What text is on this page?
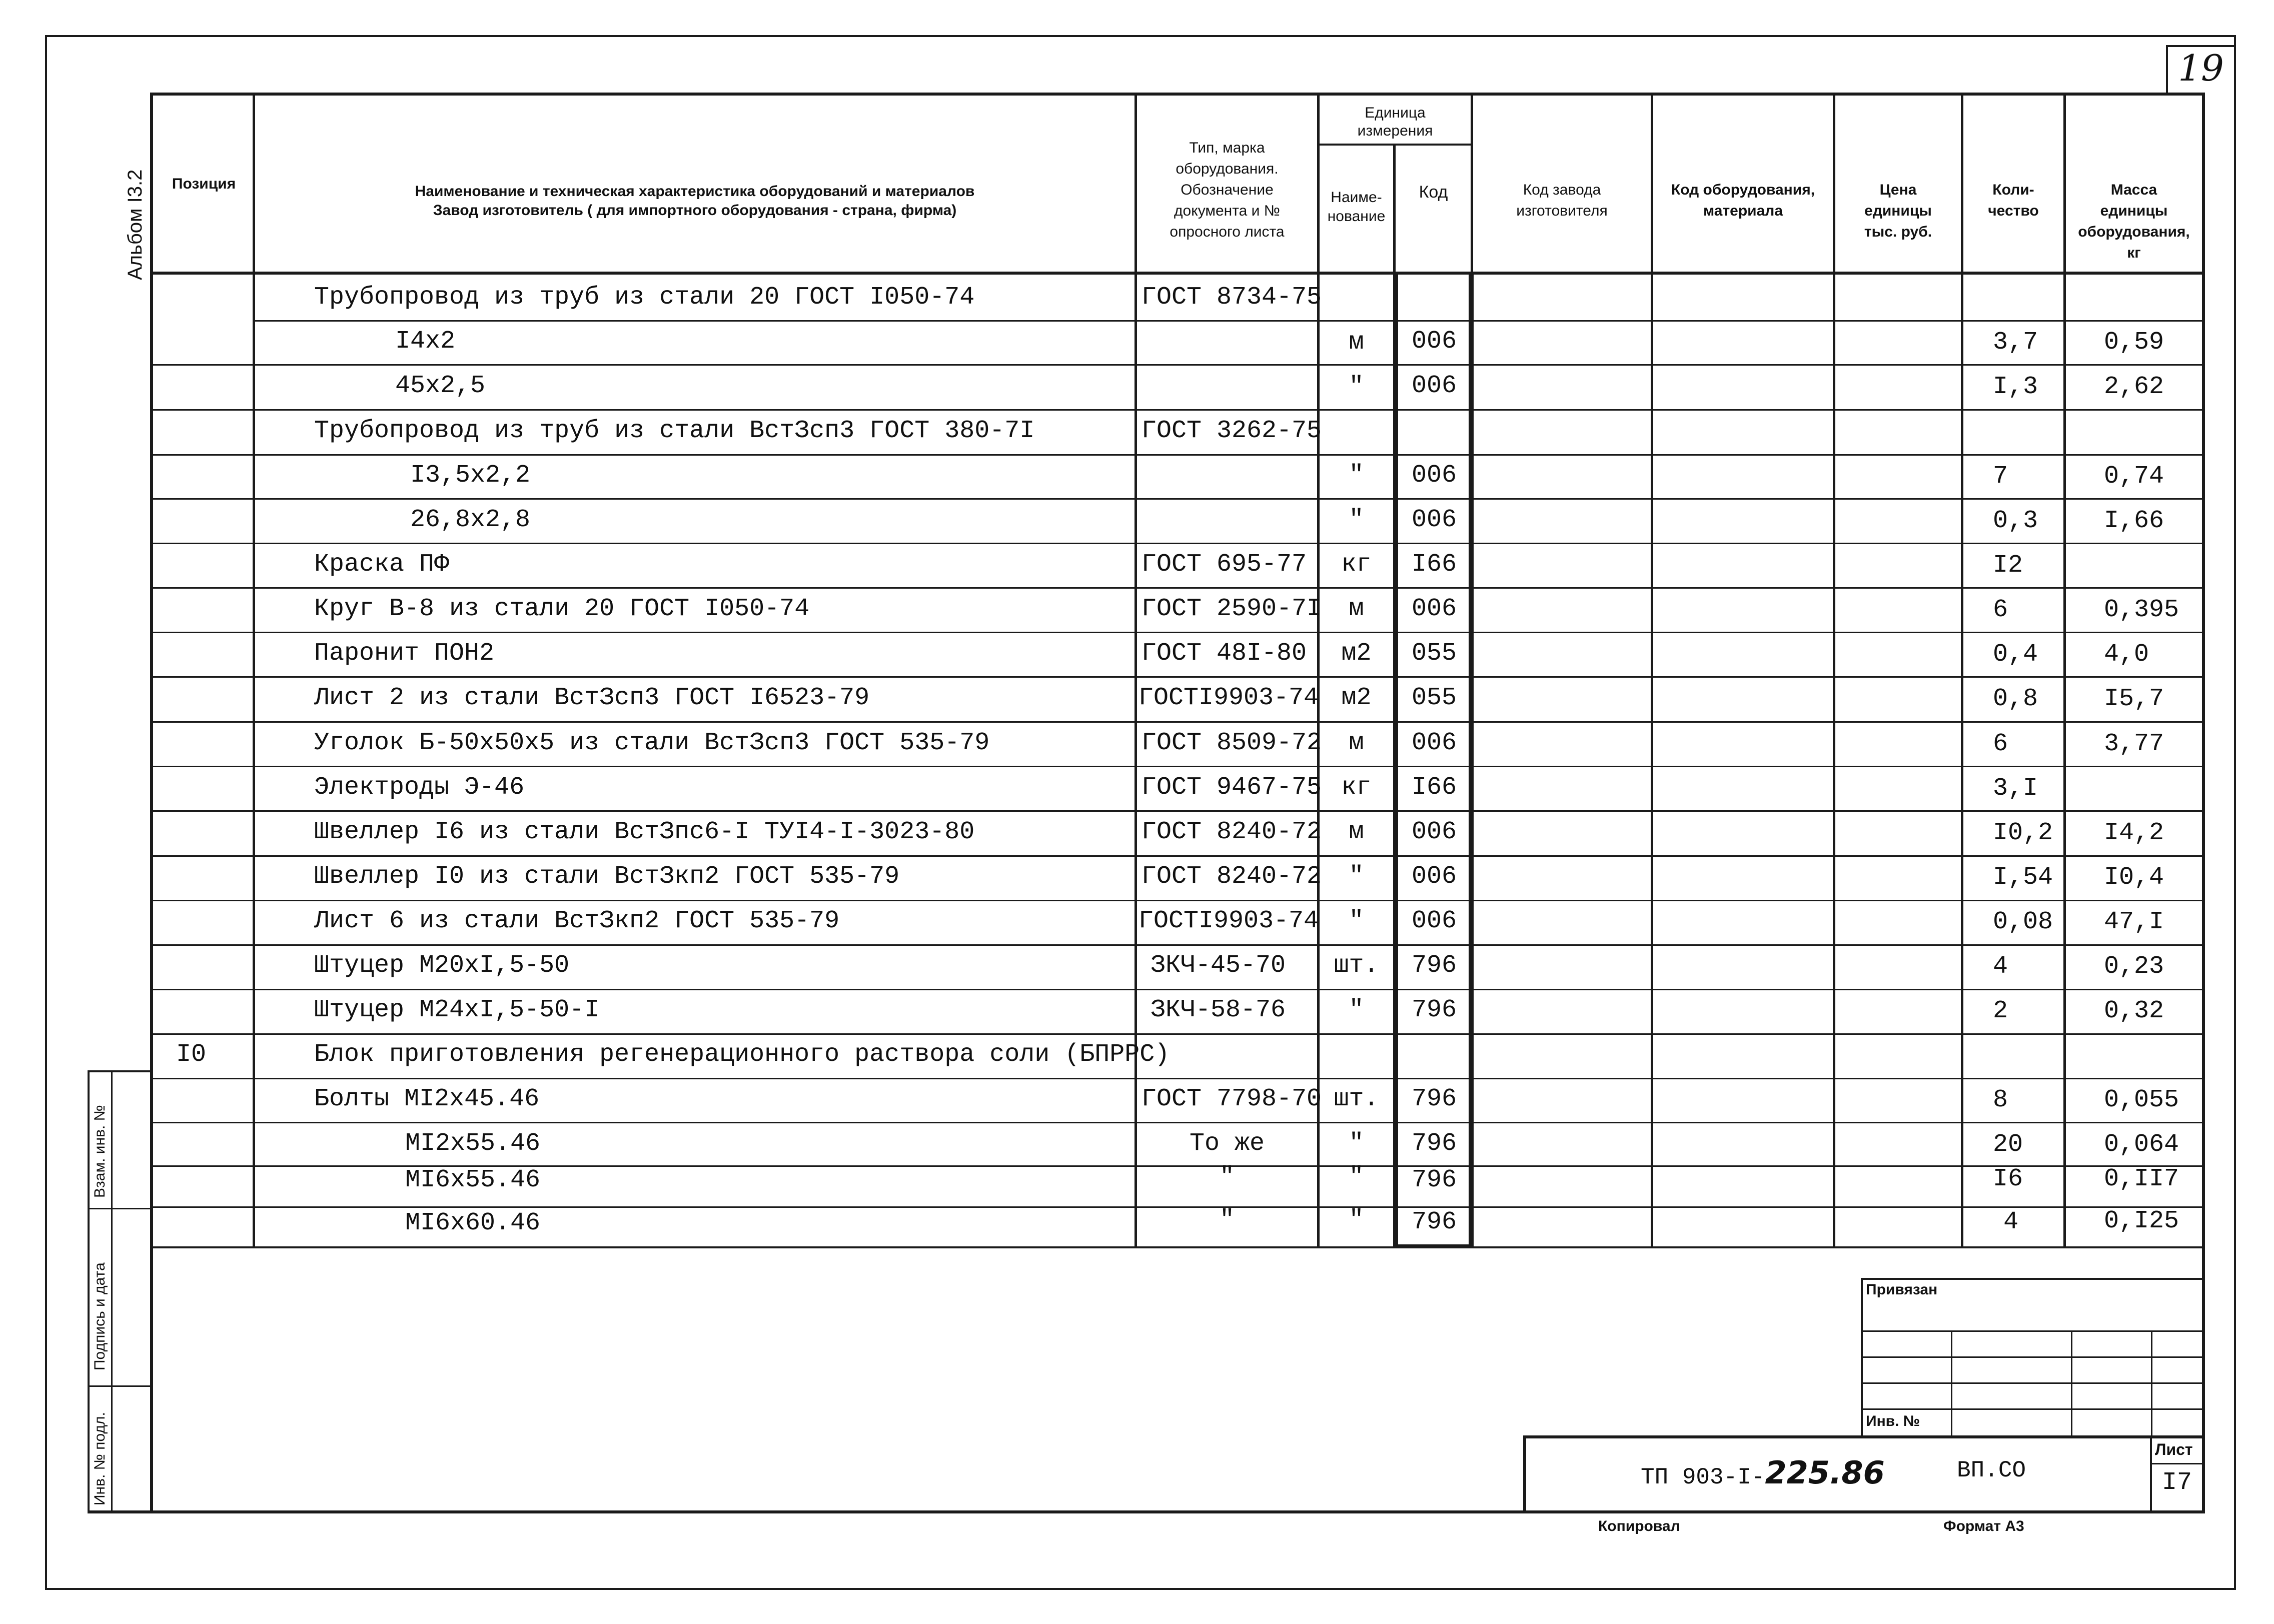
19
Альбом I3.2	Позиция	Наименование и техническая характеристика оборудований и материалов
Завод изготовитель ( для импортного оборудования - страна, фирма)
Тип, марка
оборудования.
Обозначение
документа и №
опросного листа
Единица
измерения
Наиме-
нование
Код	Код завода
изготовителя
Код оборудования,
материала
Цена
единицы
тыс. руб.
Коли-
чество
Масса
единицы
оборудования,
кг
Трубопровод из труб из стали 20 ГОСТ I050-74	ГОСТ 8734-75
I4x2	м	006	3,7	0,59
45x2,5	"	006	I,3	2,62
Трубопровод из труб из стали ВстЗсп3 ГОСТ 380-7I	ГОСТ 3262-75
I3,5x2,2	"	006	7	0,74
26,8x2,8	"	006	0,3	I,66
Краска ПФ	ГОСТ 695-77	кг	I66	I2
Круг В-8 из стали 20 ГОСТ I050-74	ГОСТ 2590-7I	м	006	6	0,395
Паронит ПОН2	ГОСТ 48I-80	м2	055	0,4	4,0
Лист 2 из стали ВстЗсп3 ГОСТ I6523-79	ГОСТI9903-74 м2	055	0,8	I5,7
Уголок Б-50x50x5 из стали ВстЗсп3 ГОСТ 535-79	ГОСТ 8509-72	м	006	6	3,77
Электроды Э-46	ГОСТ 9467-75 кг	I66	3,I
Швеллер I6 из стали ВстЗпс6-I ТУI4-I-3023-80	ГОСТ 8240-72	м	006	I0,2 I4,2
Швеллер I0 из стали ВстЗкп2 ГОСТ 535-79	ГОСТ 8240-72	"	006	I,54 I0,4
Лист 6 из стали ВстЗкп2 ГОСТ 535-79	ГОСТI9903-74	"	006	0,08 47,I
Штуцер М20xI,5-50	ЗКЧ-45-70	шт.	796	4	0,23
Штуцер М24xI,5-50-I	ЗКЧ-58-76	"	796	2	0,32
I0	Блок приготовления регенерационного раствора соли (БПРРС)
Болты МI2x45.46	ГОСТ 7798-70 шт.	796	8	0,055
МI2x55.46	То же	"	796	20	0,064
МI6x55.46	"	"	796	I6	0,II7
МI6x60.46	"	"	796	4	0,I25
Взам. инв. №
Подпись и дата
Инв. № подл.
Привязан
Инв. №
ТП 903-I-225.86	ВП.СО
Лист
I7
Копировал	Формат А3
